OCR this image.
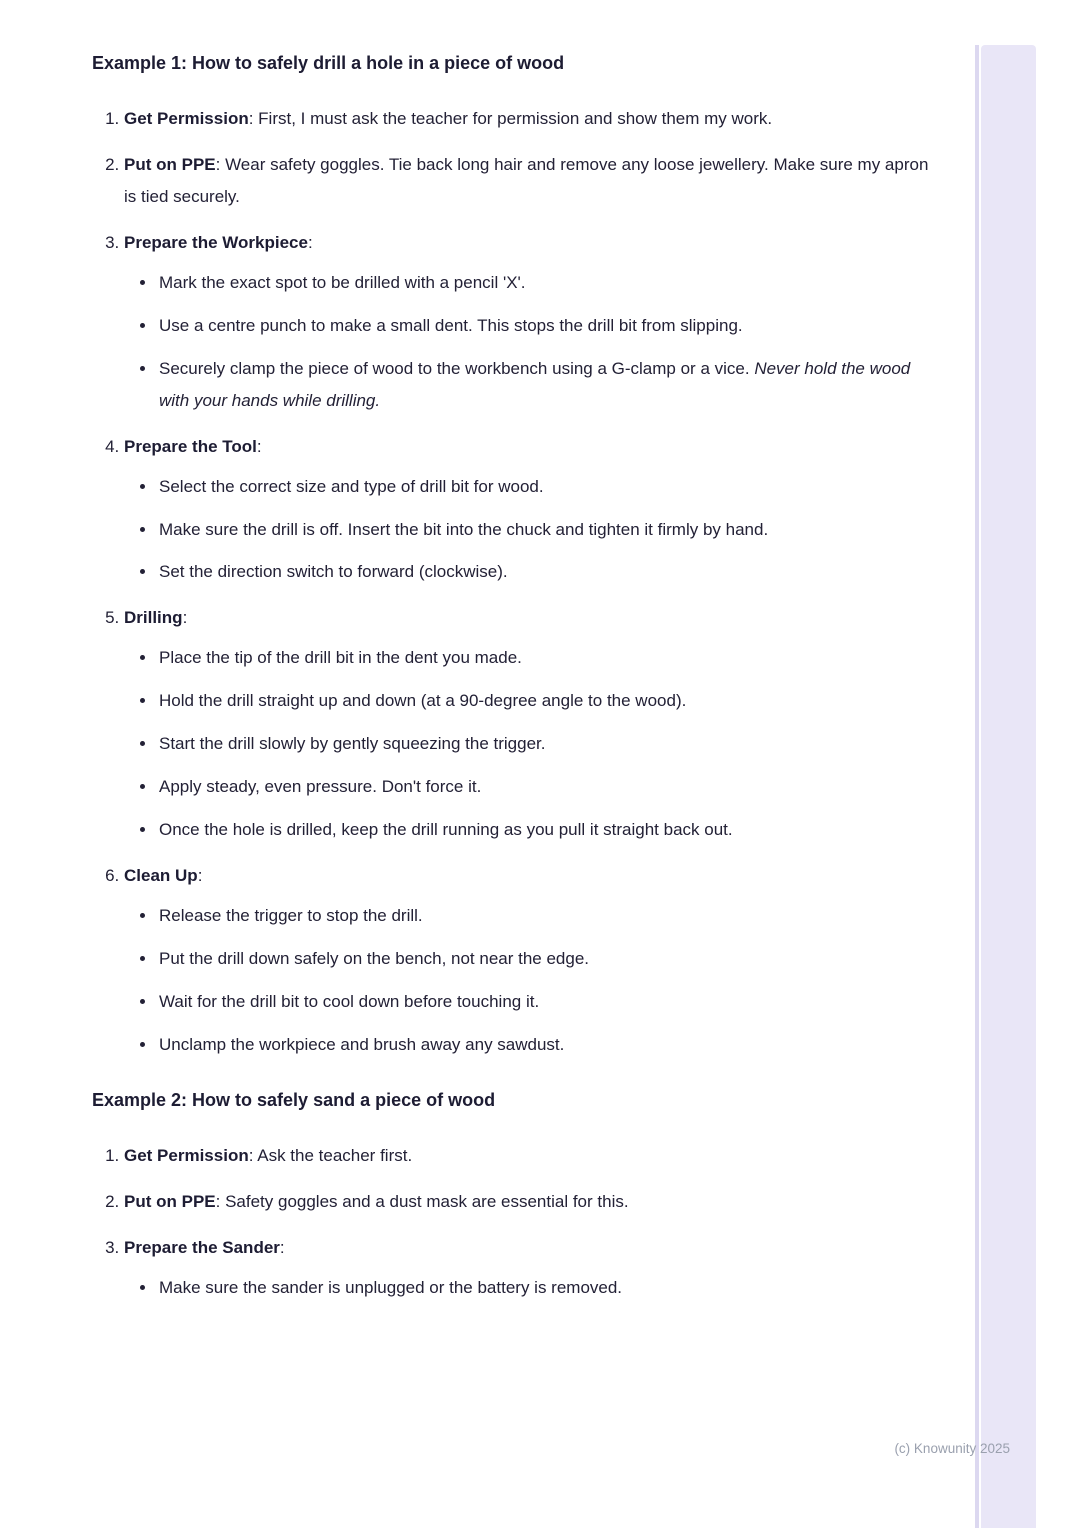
Example 1: How to safely drill a hole in a piece of wood

1. Get Permission: First, I must ask the teacher for permission and show them my work.

2. Put on PPE: Wear safety goggles. Tie back long hair and remove any loose jewellery. Make sure my apron is tied securely.

3. Prepare the Workpiece:

• Mark the exact spot to be drilled with a pencil 'X'.
• Use a centre punch to make a small dent. This stops the drill bit from slipping.
• Securely clamp the piece of wood to the workbench using a G-clamp or a vice. Never hold the wood with your hands while drilling.

4. Prepare the Tool:

• Select the correct size and type of drill bit for wood.
• Make sure the drill is off. Insert the bit into the chuck and tighten it firmly by hand.
• Set the direction switch to forward (clockwise).

5. Drilling:

• Place the tip of the drill bit in the dent you made.
• Hold the drill straight up and down (at a 90-degree angle to the wood).
• Start the drill slowly by gently squeezing the trigger.
• Apply steady, even pressure. Don't force it.
• Once the hole is drilled, keep the drill running as you pull it straight back out.

6. Clean Up:

• Release the trigger to stop the drill.
• Put the drill down safely on the bench, not near the edge.
• Wait for the drill bit to cool down before touching it.
• Unclamp the workpiece and brush away any sawdust.
Example 2: How to safely sand a piece of wood

1. Get Permission: Ask the teacher first.

2. Put on PPE: Safety goggles and a dust mask are essential for this.

3. Prepare the Sander:

• Make sure the sander is unplugged or the battery is removed.
(c) Knowunity 2025
